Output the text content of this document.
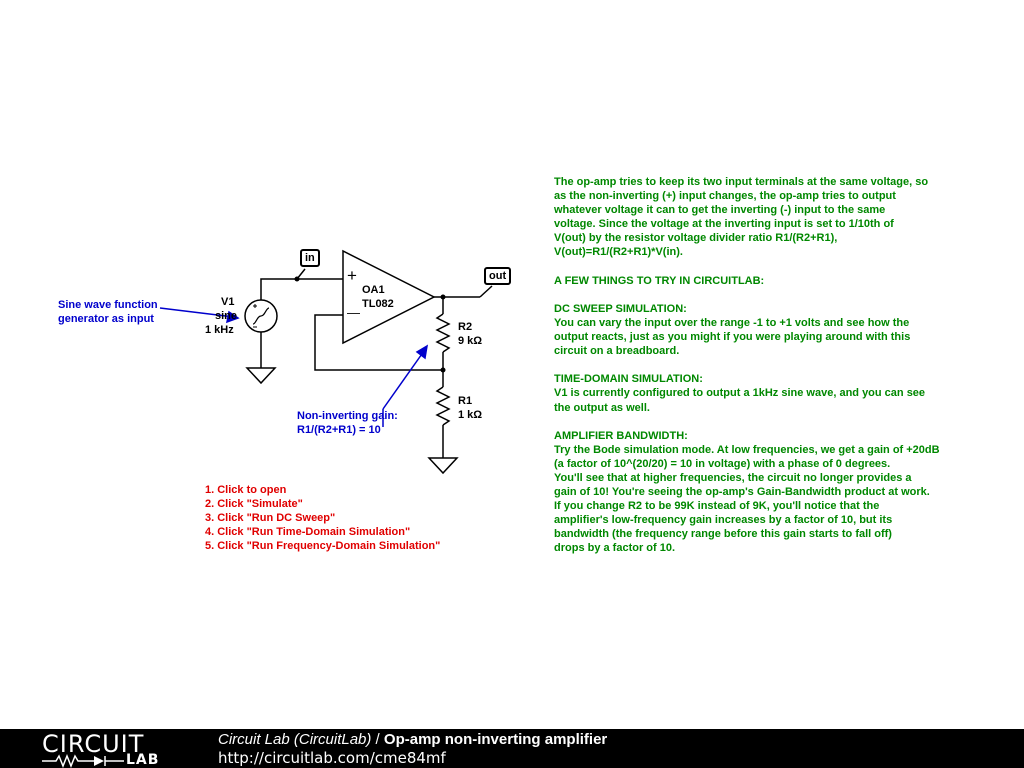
in
out
+
—
OA1
TL082
V1
sine
1 kHz	R2
9 kΩ
R1
1 kΩ
Sine wave function
generator as input
Non-inverting gain:
R1/(R2+R1) = 10
1. Click to open
2. Click "Simulate"
3. Click "Run DC Sweep"
4. Click "Run Time-Domain Simulation"
5. Click "Run Frequency-Domain Simulation"
The op-amp tries to keep its two input terminals at the same voltage, so
as the non-inverting (+) input changes, the op-amp tries to output
whatever voltage it can to get the inverting (-) input to the same
voltage. Since the voltage at the inverting input is set to 1/10th of
V(out) by the resistor voltage divider ratio R1/(R2+R1),
V(out)=R1/(R2+R1)*V(in).
A FEW THINGS TO TRY IN CIRCUITLAB:
DC SWEEP SIMULATION:
You can vary the input over the range -1 to +1 volts and see how the
output reacts, just as you might if you were playing around with this
circuit on a breadboard.
TIME-DOMAIN SIMULATION:
V1 is currently configured to output a 1kHz sine wave, and you can see
the output as well.
AMPLIFIER BANDWIDTH:
Try the Bode simulation mode. At low frequencies, we get a gain of +20dB
(a factor of 10^(20/20) = 10 in voltage) with a phase of 0 degrees.
You'll see that at higher frequencies, the circuit no longer provides a
gain of 10! You're seeing the op-amp's Gain-Bandwidth product at work.
If you change R2 to be 99K instead of 9K, you'll notice that the
amplifier's low-frequency gain increases by a factor of 10, but its
bandwidth (the frequency range before this gain starts to fall off)
drops by a factor of 10.
CIRCUIT
LAB
Circuit Lab (CircuitLab) / Op-amp non-inverting amplifier
http://circuitlab.com/cme84mf
